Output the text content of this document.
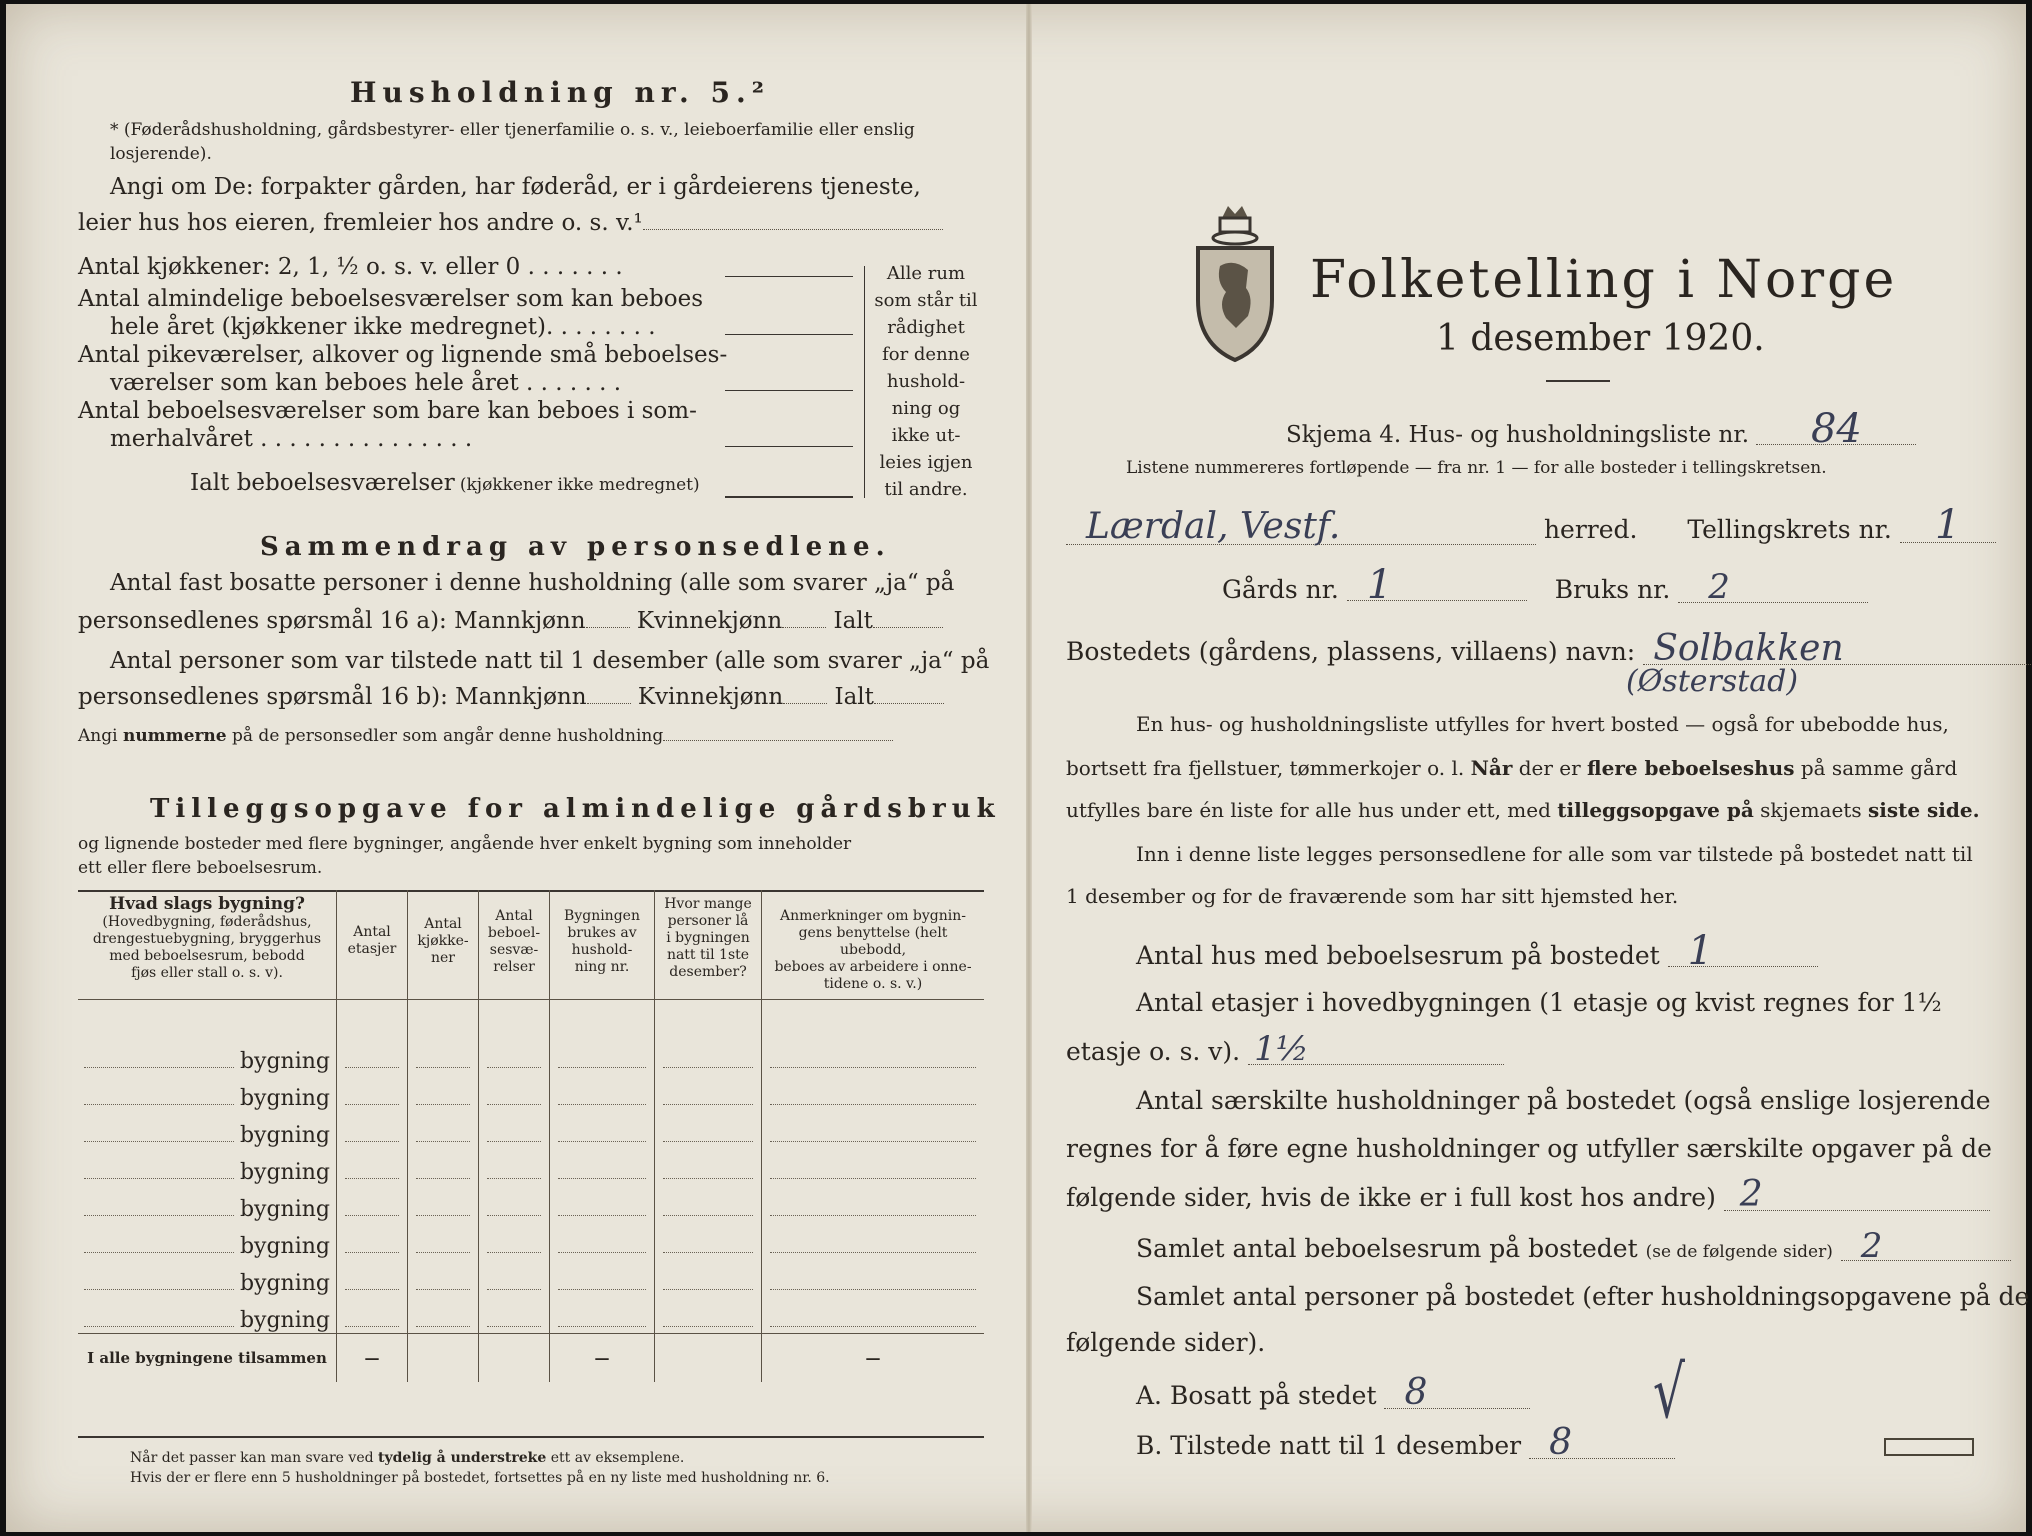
Husholdning nr. 5.²
* (Føderådshusholdning, gårdsbestyrer- eller tjenerfamilie o. s. v., leieboerfamilie eller enslig losjerende).
Angi om De: forpakter gården, har føderåd, er i gårdeierens tjeneste,
leier hus hos eieren, fremleier hos andre o. s. v.¹
Antal kjøkkener: 2, 1, ½ o. s. v. eller 0 . . . . . . .
Antal almindelige beboelsesværelser som kan beboes
hele året (kjøkkener ikke medregnet). . . . . . . .
Antal pikeværelser, alkover og lignende små beboelses-
værelser som kan beboes hele året . . . . . . .
Antal beboelsesværelser som bare kan beboes i som-
merhalvåret . . . . . . . . . . . . . . .
Ialt beboelsesværelser (kjøkkener ikke medregnet)
Alle rum
som står til
rådighet
for denne
hushold-
ning og
ikke ut-
leies igjen
til andre.
Sammendrag av personsedlene.
Antal fast bosatte personer i denne husholdning (alle som svarer „ja“ på
personsedlenes spørsmål 16 a): Mannkjønn Kvinnekjønn Ialt
Antal personer som var tilstede natt til 1 desember (alle som svarer „ja“ på
personsedlenes spørsmål 16 b): Mannkjønn Kvinnekjønn Ialt
Angi nummerne på de personsedler som angår denne husholdning
Tilleggsopgave for almindelige gårdsbruk
og lignende bosteder med flere bygninger, angående hver enkelt bygning som inneholder
ett eller flere beboelsesrum.
Hvad slags bygning?
(Hovedbygning, føderådshus,
drengestuebygning, bryggerhus
med beboelsesrum, bebodd
fjøs eller stall o. s. v).	Antal
etasjer	Antal
kjøkke-
ner	Antal
beboel-
sesvæ-
relser	Bygningen
brukes av
hushold-
ning nr.	Hvor mange
personer lå
i bygningen
natt til 1ste
desember?	Anmerkninger om bygnin-
gens benyttelse (helt ubebodd,
beboes av arbeidere i onne-
tidene o. s. v.)

bygning	

bygning	

bygning	

bygning	

bygning	

bygning	

bygning	

bygning	

I alle bygningene tilsammen	—			—		—
Når det passer kan man svare ved tydelig å understreke ett av eksemplene.
Hvis der er flere enn 5 husholdninger på bostedet, fortsettes på en ny liste med husholdning nr. 6.
Folketelling i Norge
1 desember 1920.
Skjema 4. Hus- og husholdningsliste nr. 84
Listene nummereres fortløpende — fra nr. 1 — for alle bosteder i tellingskretsen.
Lærdal, Vestf.	herred. Tellingskrets nr. 1
Gårds nr. 1	Bruks nr. 2
Bostedets (gårdens, plassens, villaens) navn: Solbakken
(Østerstad)
En hus- og husholdningsliste utfylles for hvert bosted — også for ubebodde hus,
bortsett fra fjellstuer, tømmerkojer o. l. Når der er flere beboelseshus på samme gård
utfylles bare én liste for alle hus under ett, med tilleggsopgave på skjemaets siste side.
Inn i denne liste legges personsedlene for alle som var tilstede på bostedet natt til
1 desember og for de fraværende som har sitt hjemsted her.
Antal hus med beboelsesrum på bostedet 1
Antal etasjer i hovedbygningen (1 etasje og kvist regnes for 1½
etasje o. s. v). 1½
Antal særskilte husholdninger på bostedet (også enslige losjerende
regnes for å føre egne husholdninger og utfyller særskilte opgaver på de
følgende sider, hvis de ikke er i full kost hos andre) 2
Samlet antal beboelsesrum på bostedet (se de følgende sider) 2
Samlet antal personer på bostedet (efter husholdningsopgavene på de
følgende sider).
A. Bosatt på stedet 8
B. Tilstede natt til 1 desember 8
√
